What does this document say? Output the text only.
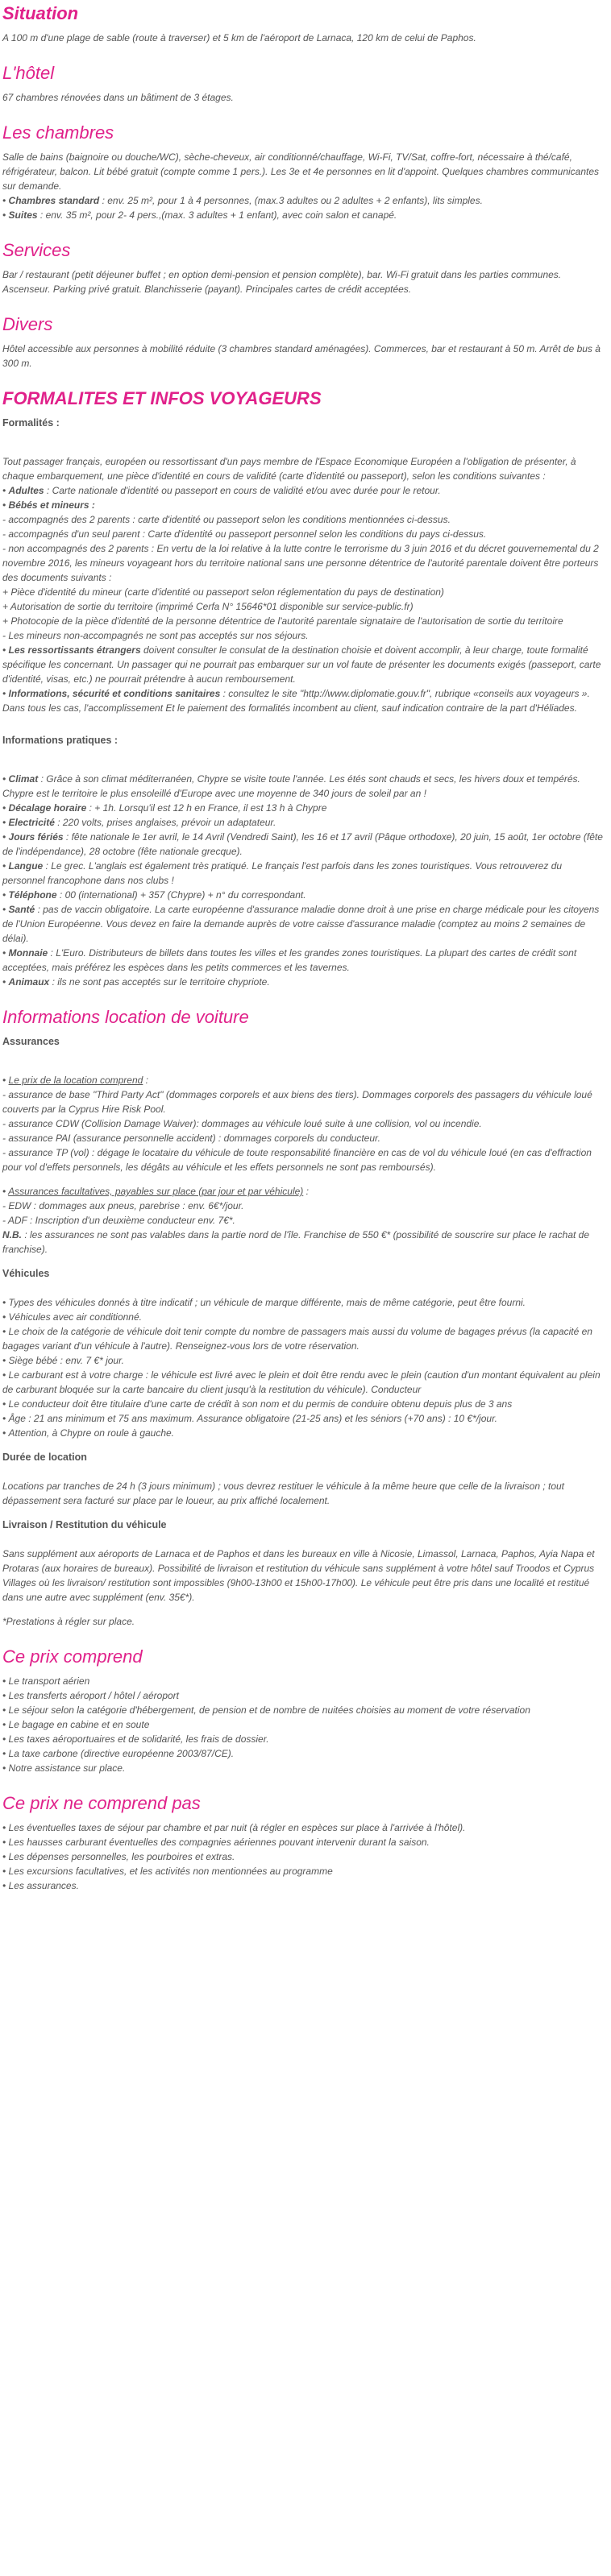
Situation

A 100 m d'une plage de sable (route à traverser) et 5 km de l'aéroport de Larnaca, 120 km de celui de Paphos.

L'hôtel

67 chambres rénovées dans un bâtiment de 3 étages.

Les chambres

Salle de bains (baignoire ou douche/WC), sèche-cheveux, air conditionné/chauffage, Wi-Fi, TV/Sat, coffre-fort, nécessaire à thé/café, réfrigérateur, balcon. Lit bébé gratuit (compte comme 1 pers.). Les 3e et 4e personnes en lit d'appoint. Quelques chambres communicantes sur demande.

• Chambres standard : env. 25 m², pour 1 à 4 personnes, (max.3 adultes ou 2 adultes + 2 enfants), lits simples.
• Suites : env. 35 m², pour 2- 4 pers.,(max. 3 adultes + 1 enfant), avec coin salon et canapé.
Services

Bar / restaurant (petit déjeuner buffet ; en option demi-pension et pension complète), bar. Wi-Fi gratuit dans les parties communes. Ascenseur. Parking privé gratuit. Blanchisserie (payant). Principales cartes de crédit acceptées.

Divers

Hôtel accessible aux personnes à mobilité réduite (3 chambres standard aménagées). Commerces, bar et restaurant à 50 m. Arrêt de bus à 300 m.

FORMALITES ET INFOS VOYAGEURS

Formalités :

Tout passager français, européen ou ressortissant d'un pays membre de l'Espace Economique Européen a l'obligation de présenter, à chaque embarquement, une pièce d'identité en cours de validité (carte d'identité ou passeport), selon les conditions suivantes :

• Adultes : Carte nationale d'identité ou passeport en cours de validité et/ou avec durée pour le retour.

• Bébés et mineurs :

- accompagnés des 2 parents : carte d'identité ou passeport selon les conditions mentionnées ci-dessus.

- accompagnés d'un seul parent : Carte d'identité ou passeport personnel selon les conditions du pays ci-dessus.

- non accompagnés des 2 parents : En vertu de la loi relative à la lutte contre le terrorisme du 3 juin 2016 et du décret gouvernemental du 2 novembre 2016, les mineurs voyageant hors du territoire national sans une personne détentrice de l'autorité parentale doivent être porteurs des documents suivants :

+ Pièce d'identité du mineur (carte d'identité ou passeport selon réglementation du pays de destination)

+ Autorisation de sortie du territoire (imprimé Cerfa N° 15646*01 disponible sur service-public.fr)

+ Photocopie de la pièce d'identité de la personne détentrice de l'autorité parentale signataire de l'autorisation de sortie du territoire

- Les mineurs non-accompagnés ne sont pas acceptés sur nos séjours.

• Les ressortissants étrangers doivent consulter le consulat de la destination choisie et doivent accomplir, à leur charge, toute formalité spécifique les concernant. Un passager qui ne pourrait pas embarquer sur un vol faute de présenter les documents exigés (passeport, carte d'identité, visas, etc.) ne pourrait prétendre à aucun remboursement.

• Informations, sécurité et conditions sanitaires : consultez le site "http://www.diplomatie.gouv.fr", rubrique «conseils aux voyageurs ». Dans tous les cas, l'accomplissement Et le paiement des formalités incombent au client, sauf indication contraire de la part d'Héliades.

Informations pratiques :

• Climat : Grâce à son climat méditerranéen, Chypre se visite toute l'année. Les étés sont chauds et secs, les hivers doux et tempérés. Chypre est le territoire le plus ensoleillé d'Europe avec une moyenne de 340 jours de soleil par an !
• Décalage horaire : + 1h. Lorsqu'il est 12 h en France, il est 13 h à Chypre
• Electricité : 220 volts, prises anglaises, prévoir un adaptateur.
• Jours fériés : fête nationale le 1er avril, le 14 Avril (Vendredi Saint), les 16 et 17 avril (Pâque orthodoxe), 20 juin, 15 août, 1er octobre (fête de l'indépendance), 28 octobre (fête nationale grecque).
• Langue : Le grec. L'anglais est également très pratiqué. Le français l'est parfois dans les zones touristiques. Vous retrouverez du personnel francophone dans nos clubs !
• Téléphone : 00 (international) + 357 (Chypre) + n° du correspondant.
• Santé : pas de vaccin obligatoire. La carte européenne d'assurance maladie donne droit à une prise en charge médicale pour les citoyens de l'Union Européenne. Vous devez en faire la demande auprès de votre caisse d'assurance maladie (comptez au moins 2 semaines de délai).
• Monnaie : L'Euro. Distributeurs de billets dans toutes les villes et les grandes zones touristiques. La plupart des cartes de crédit sont acceptées, mais préférez les espèces dans les petits commerces et les tavernes.
• Animaux : ils ne sont pas acceptés sur le territoire chypriote.
Informations location de voiture

Assurances

• Le prix de la location comprend :

- assurance de base "Third Party Act" (dommages corporels et aux biens des tiers). Dommages corporels des passagers du véhicule loué couverts par la Cyprus Hire Risk Pool.

- assurance CDW (Collision Damage Waiver): dommages au véhicule loué suite à une collision, vol ou incendie.

- assurance PAI (assurance personnelle accident) : dommages corporels du conducteur.

- assurance TP (vol) : dégage le locataire du véhicule de toute responsabilité financière en cas de vol du véhicule loué (en cas d'effraction pour vol d'effets personnels, les dégâts au véhicule et les effets personnels ne sont pas remboursés).

• Assurances facultatives, payables sur place (par jour et par véhicule) :

- EDW : dommages aux pneus, parebrise : env. 6€*/jour.

- ADF : Inscription d'un deuxième conducteur env. 7€*.

N.B. : les assurances ne sont pas valables dans la partie nord de l'île. Franchise de 550 €* (possibilité de souscrire sur place le rachat de franchise).

Véhicules

• Types des véhicules donnés à titre indicatif ; un véhicule de marque différente, mais de même catégorie, peut être fourni.
• Véhicules avec air conditionné.
• Le choix de la catégorie de véhicule doit tenir compte du nombre de passagers mais aussi du volume de bagages prévus (la capacité en bagages variant d'un véhicule à l'autre). Renseignez-vous lors de votre réservation.
• Siège bébé : env. 7 €* jour.
• Le carburant est à votre charge : le véhicule est livré avec le plein et doit être rendu avec le plein (caution d'un montant équivalent au plein de carburant bloquée sur la carte bancaire du client jusqu'à la restitution du véhicule). Conducteur
• Le conducteur doit être titulaire d'une carte de crédit à son nom et du permis de conduire obtenu depuis plus de 3 ans
• Âge : 21 ans minimum et 75 ans maximum. Assurance obligatoire (21-25 ans) et les séniors (+70 ans) : 10 €*/jour.
• Attention, à Chypre on roule à gauche.

Durée de location

Locations par tranches de 24 h (3 jours minimum) ; vous devrez restituer le véhicule à la même heure que celle de la livraison ; tout dépassement sera facturé sur place par le loueur, au prix affiché localement.

Livraison / Restitution du véhicule

Sans supplément aux aéroports de Larnaca et de Paphos et dans les bureaux en ville à Nicosie, Limassol, Larnaca, Paphos, Ayia Napa et Protaras (aux horaires de bureaux). Possibilité de livraison et restitution du véhicule sans supplément à votre hôtel sauf Troodos et Cyprus Villages où les livraison/ restitution sont impossibles (9h00-13h00 et 15h00-17h00). Le véhicule peut être pris dans une localité et restitué dans une autre avec supplément (env. 35€*).

*Prestations à régler sur place.

Ce prix comprend
• Le transport aérien
• Les transferts aéroport / hôtel / aéroport
• Le séjour selon la catégorie d'hébergement, de pension et de nombre de nuitées choisies au moment de votre réservation
• Le bagage en cabine et en soute
• Les taxes aéroportuaires et de solidarité, les frais de dossier.
• La taxe carbone (directive européenne 2003/87/CE).
• Notre assistance sur place.
Ce prix ne comprend pas
• Les éventuelles taxes de séjour par chambre et par nuit (à régler en espèces sur place à l'arrivée à l'hôtel).
• Les hausses carburant éventuelles des compagnies aériennes pouvant intervenir durant la saison.
• Les dépenses personnelles, les pourboires et extras.
• Les excursions facultatives, et les activités non mentionnées au programme
• Les assurances.
